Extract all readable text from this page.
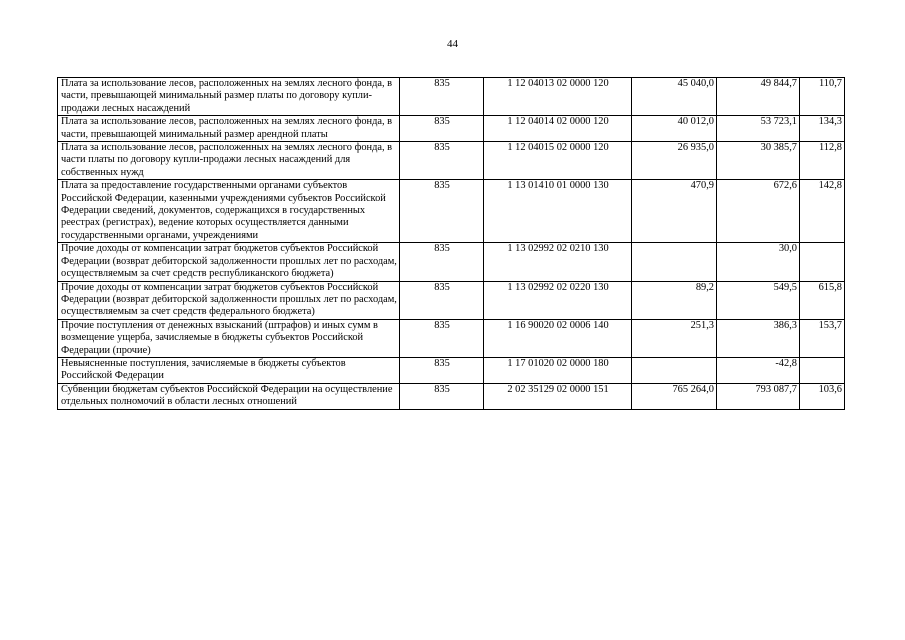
44
Плата за использование лесов, расположенных на землях лесного фонда, в части, превышающей минимальный размер платы по договору купли-продажи лесных насаждений	835	1 12 04013 02 0000 120	45 040,0	49 844,7	110,7
Плата за использование лесов, расположенных на землях лесного фонда, в части, превышающей минимальный размер арендной платы	835	1 12 04014 02 0000 120	40 012,0	53 723,1	134,3
Плата за использование лесов, расположенных на землях лесного фонда, в части платы по договору купли-продажи лесных насаждений для собственных нужд	835	1 12 04015 02 0000 120	26 935,0	30 385,7	112,8
Плата за предоставление государственными органами субъектов Российской Федерации, казенными учреждениями субъектов Российской Федерации сведений, документов, содержащихся в государственных реестрах (регистрах), ведение которых осуществляется данными государственными органами, учреждениями	835	1 13 01410 01 0000 130	470,9	672,6	142,8
Прочие доходы от компенсации затрат бюджетов субъектов Российской Федерации (возврат дебиторской задолженности прошлых лет по расходам, осуществляемым за счет средств республиканского бюджета)	835	1 13 02992 02 0210 130		30,0	
Прочие доходы от компенсации затрат бюджетов субъектов Российской Федерации (возврат дебиторской задолженности прошлых лет по расходам, осуществляемым за счет средств федерального бюджета)	835	1 13 02992 02 0220 130	89,2	549,5	615,8
Прочие поступления от денежных взысканий (штрафов) и иных сумм в возмещение ущерба, зачисляемые в бюджеты субъектов Российской Федерации (прочие)	835	1 16 90020 02 0006 140	251,3	386,3	153,7
Невыясненные поступления, зачисляемые в бюджеты субъектов Российской Федерации	835	1 17 01020 02 0000 180		-42,8	
Субвенции бюджетам субъектов Российской Федерации на осуществление отдельных полномочий в области лесных отношений	835	2 02 35129 02 0000 151	765 264,0	793 087,7	103,6
